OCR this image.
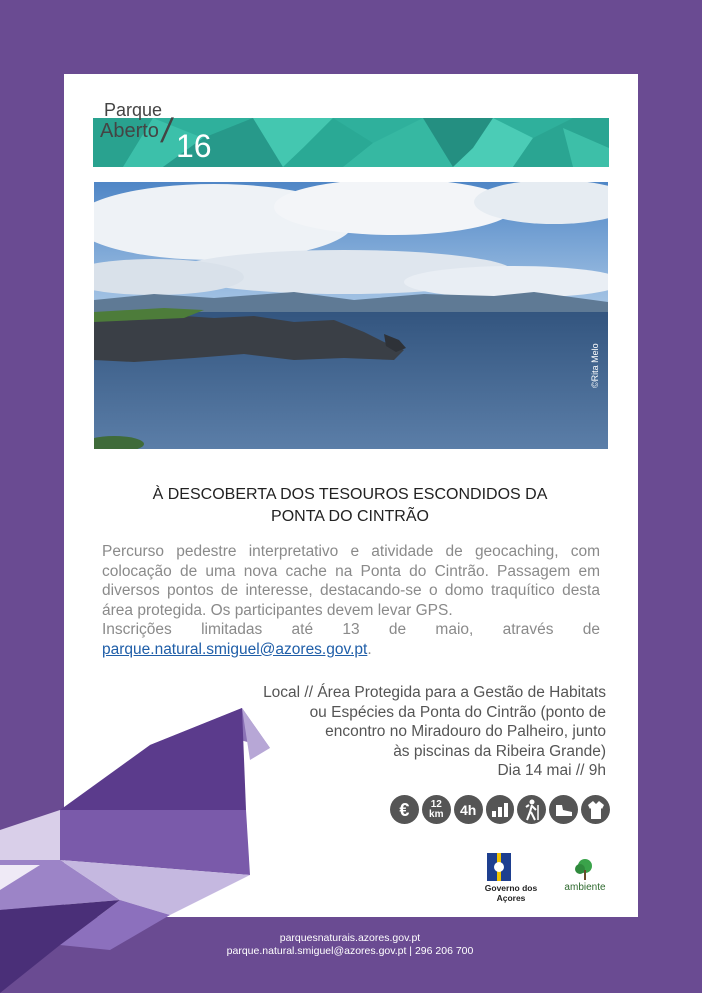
Parque
Aberto / 16
©Rita Melo
À DESCOBERTA DOS TESOUROS ESCONDIDOS DA
PONTA DO CINTRÃO
Percurso pedestre interpretativo e atividade de geocaching, com colocação de uma nova cache na Ponta do Cintrão. Passagem em diversos pontos de interesse, destacando-se o domo traquítico desta área protegida. Os participantes devem levar GPS.
Inscrições limitadas até 13 de maio, através de
parque.natural.smiguel@azores.gov.pt.
Local // Área Protegida para a Gestão de Habitats
ou Espécies da Ponta do Cintrão (ponto de
encontro no Miradouro do Palheiro, junto
às piscinas da Ribeira Grande)
Dia 14 mai // 9h
€	12 km 4h
Governo dos Açores
ambiente
parquesnaturais.azores.gov.pt
parque.natural.smiguel@azores.gov.pt | 296 206 700
